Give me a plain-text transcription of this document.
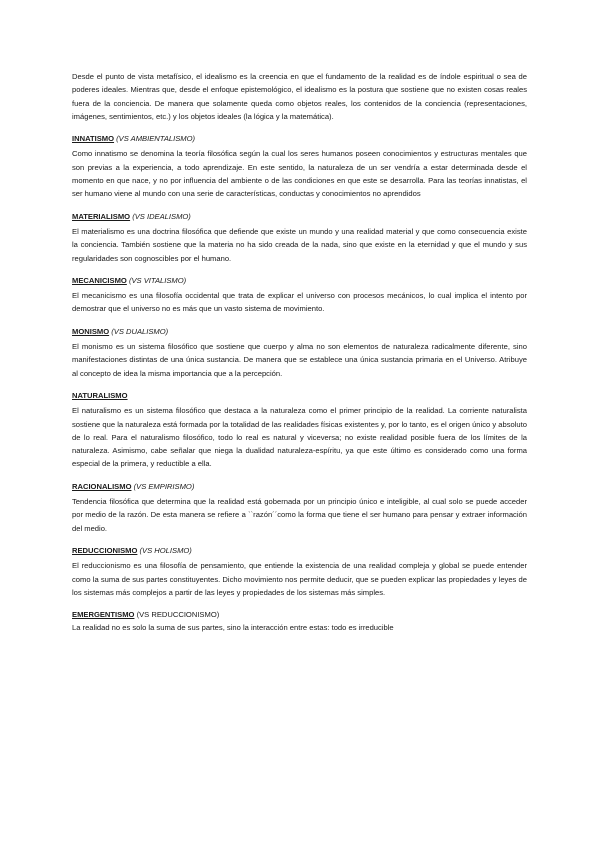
Desde el punto de vista metafísico, el idealismo es la creencia en que el fundamento de la realidad es de índole espiritual o sea de poderes ideales. Mientras que, desde el enfoque epistemológico, el idealismo es la postura que sostiene que no existen cosas reales fuera de la conciencia. De manera que solamente queda como objetos reales, los contenidos de la conciencia (representaciones, imágenes, sentimientos, etc.) y los objetos ideales (la lógica y la matemática).

INNATISMO (VS AMBIENTALISMO)

Como innatismo se denomina la teoría filosófica según la cual los seres humanos poseen conocimientos y estructuras mentales que son previas a la experiencia, a todo aprendizaje. En este sentido, la naturaleza de un ser vendría a estar determinada desde el momento en que nace, y no por influencia del ambiente o de las condiciones en que este se desarrolla. Para las teorías innatistas, el ser humano viene al mundo con una serie de características, conductas y conocimientos no aprendidos

MATERIALISMO (VS IDEALISMO)

El materialismo es una doctrina filosófica que defiende que existe un mundo y una realidad material y que como consecuencia existe la conciencia. También sostiene que la materia no ha sido creada de la nada, sino que existe en la eternidad y que el mundo y sus regularidades son cognoscibles por el humano.

MECANICISMO (VS VITALISMO)

El mecanicismo es una filosofía occidental que trata de explicar el universo con procesos mecánicos, lo cual implica el intento por demostrar que el universo no es más que un vasto sistema de movimiento.

MONISMO (VS DUALISMO)

El monismo es un sistema filosófico que sostiene que cuerpo y alma no son elementos de naturaleza radicalmente diferente, sino manifestaciones distintas de una única sustancia. De manera que se establece una única sustancia primaria en el Universo. Atribuye al concepto de idea la misma importancia que a la percepción.

NATURALISMO

El naturalismo es un sistema filosófico que destaca a la naturaleza como el primer principio de la realidad. La corriente naturalista sostiene que la naturaleza está formada por la totalidad de las realidades físicas existentes y, por lo tanto, es el origen único y absoluto de lo real. Para el naturalismo filosófico, todo lo real es natural y viceversa; no existe realidad posible fuera de los límites de la naturaleza. Asimismo, cabe señalar que niega la dualidad naturaleza-espíritu, ya que este último es considerado como una forma especial de la primera, y reductible a ella.

RACIONALISMO (VS EMPIRISMO)

Tendencia filosófica que determina que la realidad está gobernada por un principio único e inteligible, al cual solo se puede acceder por medio de la razón. De esta manera se refiere a ``razón´´como la forma que tiene el ser humano para pensar y extraer información del medio.

REDUCCIONISMO (VS HOLISMO)

El reduccionismo es una filosofía de pensamiento, que entiende la existencia de una realidad compleja y global se puede entender como la suma de sus partes constituyentes. Dicho movimiento nos permite deducir, que se pueden explicar las propiedades y leyes de los sistemas más complejos a partir de las leyes y propiedades de los sistemas más simples.

EMERGENTISMO (VS REDUCCIONISMO)

La realidad no es solo la suma de sus partes, sino la interacción entre estas: todo es irreducible
